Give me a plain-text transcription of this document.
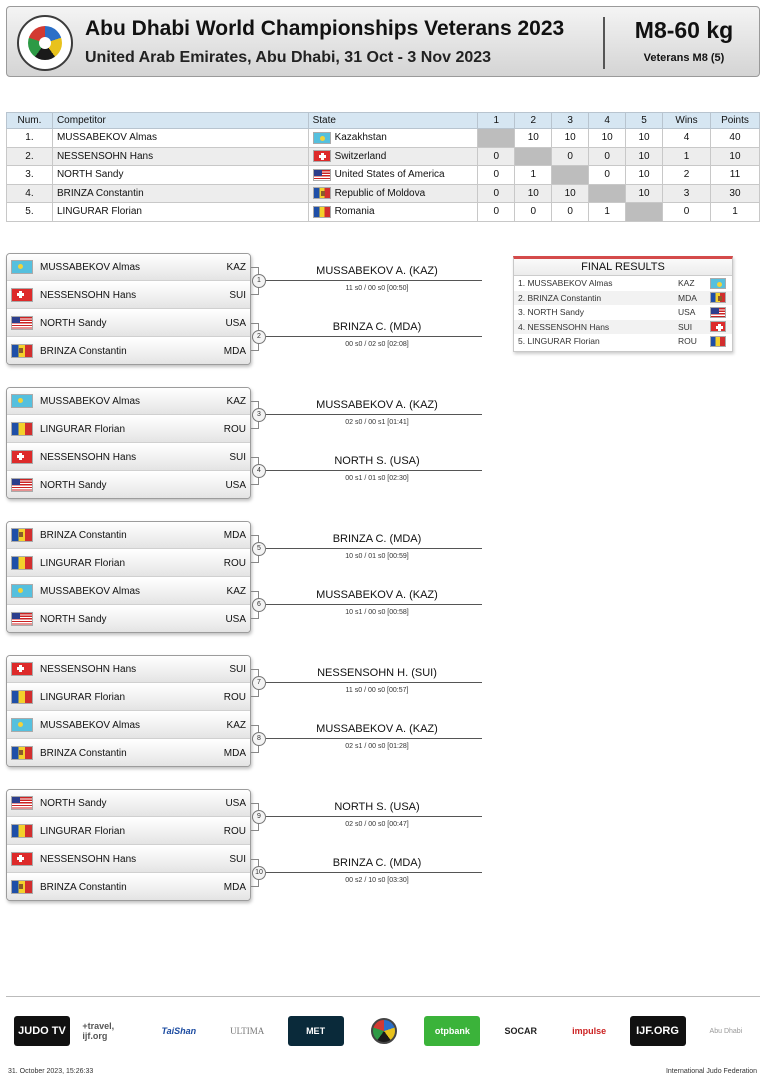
Abu Dhabi World Championships Veterans 2023
United Arab Emirates, Abu Dhabi, 31 Oct - 3 Nov 2023
M8-60 kg
Veterans M8 (5)
Num.	Competitor	State	1	2	3	4	5	Wins	Points
1.	MUSSABEKOV Almas	Kazakhstan		10	10	10	10	4	40
2.	NESSENSOHN Hans	Switzerland	0		0	0	10	1	10
3.	NORTH Sandy	United States of America	0	1		0	10	2	11
4.	BRINZA Constantin	Republic of Moldova	0	10	10		10	3	30
5.	LINGURAR Florian	Romania	0	0	0	1		0	1
MUSSABEKOV Almas	KAZ
NESSENSOHN Hans	SUI
NORTH Sandy	USA
BRINZA Constantin	MDA
1
MUSSABEKOV A. (KAZ)
11 s0 / 00 s0 [00:50]
2
BRINZA C. (MDA)
00 s0 / 02 s0 [02:08]
FINAL RESULTS
1. MUSSABEKOV Almas	KAZ
2. BRINZA Constantin	MDA
3. NORTH Sandy	USA
4. NESSENSOHN Hans	SUI
5. LINGURAR Florian	ROU
MUSSABEKOV Almas	KAZ
LINGURAR Florian	ROU
NESSENSOHN Hans	SUI
NORTH Sandy	USA
3
MUSSABEKOV A. (KAZ)
02 s0 / 00 s1 [01:41]
4
NORTH S. (USA)
00 s1 / 01 s0 [02:30]
BRINZA Constantin	MDA
LINGURAR Florian	ROU
MUSSABEKOV Almas	KAZ
NORTH Sandy	USA
5
BRINZA C. (MDA)
10 s0 / 01 s0 [00:59]
6
MUSSABEKOV A. (KAZ)
10 s1 / 00 s0 [00:58]
NESSENSOHN Hans	SUI
LINGURAR Florian	ROU
MUSSABEKOV Almas	KAZ
BRINZA Constantin	MDA
7
NESSENSOHN H. (SUI)
11 s0 / 00 s0 [00:57]
8
MUSSABEKOV A. (KAZ)
02 s1 / 00 s0 [01:28]
NORTH Sandy	USA
LINGURAR Florian	ROU
NESSENSOHN Hans	SUI
BRINZA Constantin	MDA
9
NORTH S. (USA)
02 s0 / 00 s0 [00:47]
10
BRINZA C. (MDA)
00 s2 / 10 s0 [03:30]
JUDO TV	+travel, ijf.org	TaiShan	ULTIMA	MET	otpbank	SOCAR	impulse	IJF.ORG	Abu Dhabi
31. October 2023, 15:26:33	International Judo Federation
